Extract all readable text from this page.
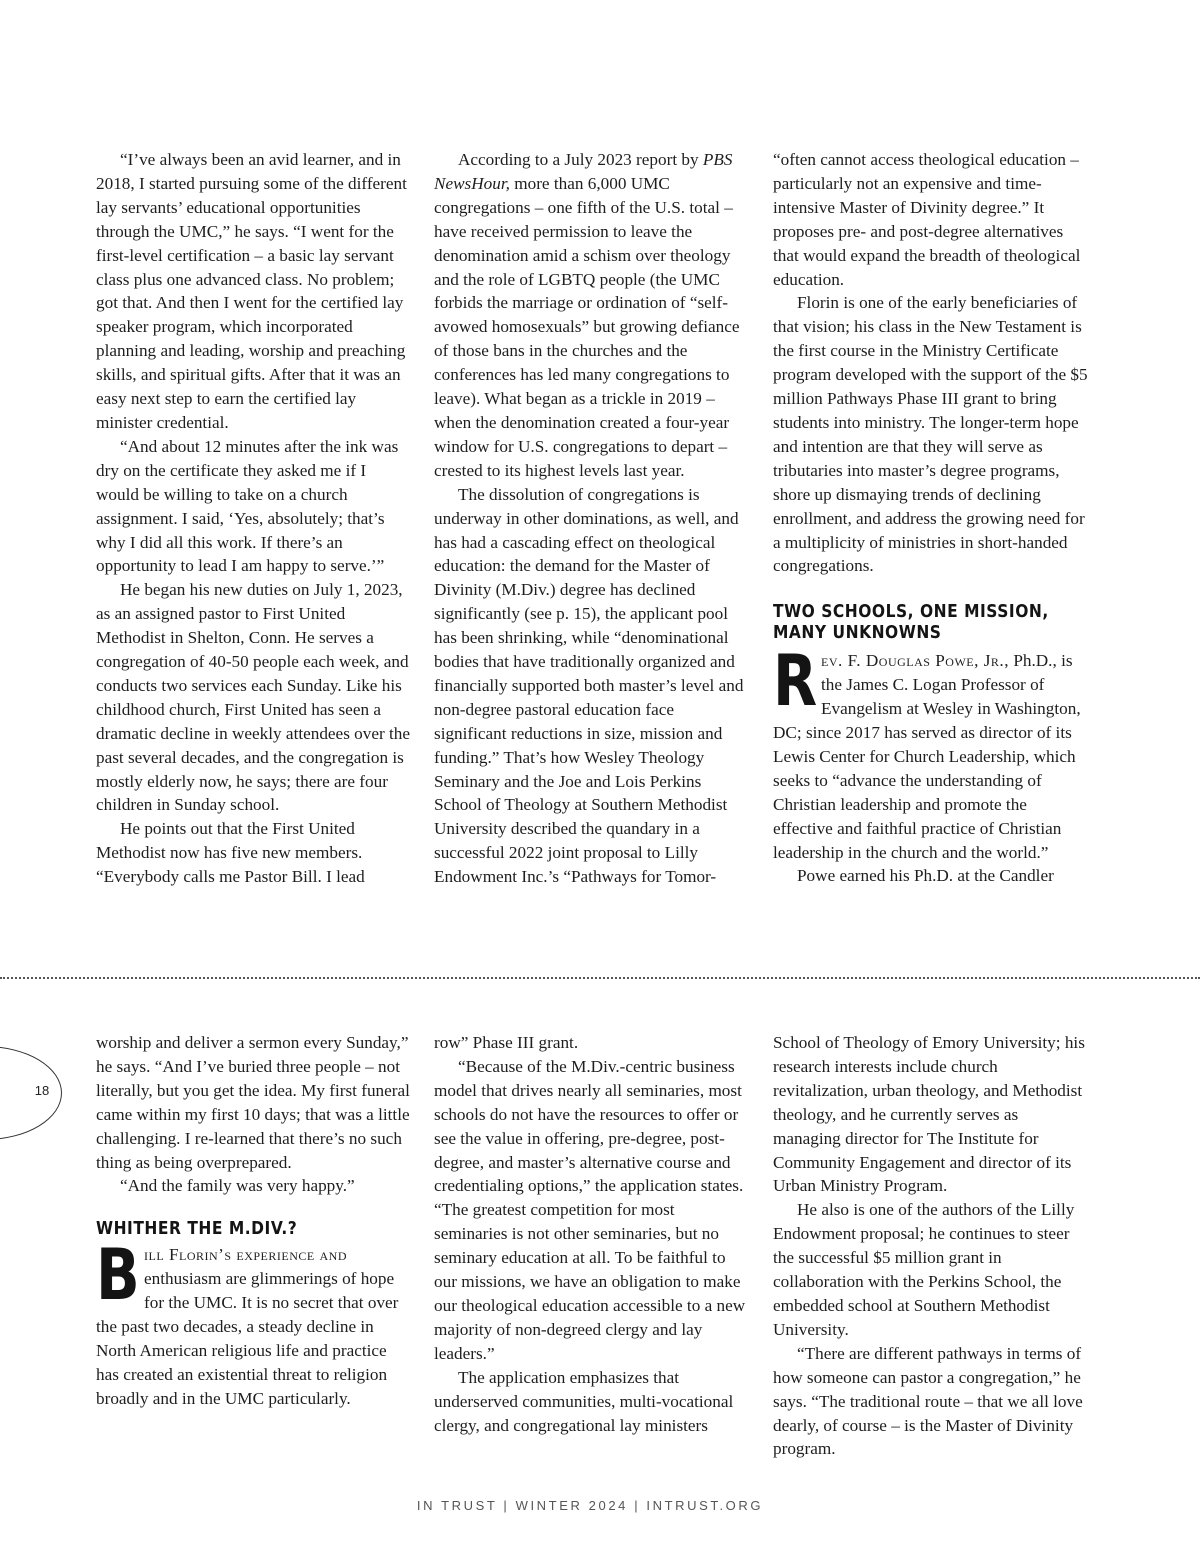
“I’ve always been an avid learner, and in 2018, I started pursuing some of the different lay servants’ educational opportunities through the UMC,” he says. “I went for the first-level certification – a basic lay servant class plus one advanced class. No problem; got that. And then I went for the certified lay speaker program, which incorporated planning and leading, worship and preaching skills, and spiritual gifts. After that it was an easy next step to earn the certified lay minister credential.

“And about 12 minutes after the ink was dry on the certificate they asked me if I would be willing to take on a church assignment. I said, ‘Yes, absolutely; that’s why I did all this work. If there’s an opportunity to lead I am happy to serve.’”

He began his new duties on July 1, 2023, as an assigned pastor to First United Methodist in Shelton, Conn. He serves a congregation of 40-50 people each week, and conducts two services each Sunday. Like his childhood church, First United has seen a dramatic decline in weekly attendees over the past several decades, and the congregation is mostly elderly now, he says; there are four children in Sunday school.

He points out that the First United Methodist now has five new members. “Everybody calls me Pastor Bill. I lead

According to a July 2023 report by PBS NewsHour, more than 6,000 UMC congregations – one fifth of the U.S. total – have received permission to leave the denomination amid a schism over theology and the role of LGBTQ people (the UMC forbids the marriage or ordination of “self-avowed homosexuals” but growing defiance of those bans in the churches and the conferences has led many congregations to leave). What began as a trickle in 2019 – when the denomination created a four-year window for U.S. congregations to depart – crested to its highest levels last year.

The dissolution of congregations is underway in other dominations, as well, and has had a cascading effect on theological education: the demand for the Master of Divinity (M.Div.) degree has declined significantly (see p. 15), the applicant pool has been shrinking, while “denominational bodies that have traditionally organized and financially supported both master’s level and non-degree pastoral education face significant reductions in size, mission and funding.” That’s how Wesley Theology Seminary and the Joe and Lois Perkins School of Theology at Southern Methodist University described the quandary in a successful 2022 joint proposal to Lilly Endowment Inc.’s “Pathways for Tomor-

“often cannot access theological education – particularly not an expensive and time-intensive Master of Divinity degree.” It proposes pre- and post-degree alternatives that would expand the breadth of theological education.

Florin is one of the early beneficiaries of that vision; his class in the New Testament is the first course in the Ministry Certificate program developed with the support of the $5 million Pathways Phase III grant to bring students into ministry. The longer-term hope and intention are that they will serve as tributaries into master’s degree programs, shore up dismaying trends of declining enrollment, and address the growing need for a multiplicity of ministries in short-handed congregations.

TWO SCHOOLS, ONE MISSION,
MANY UNKNOWNS

Rev. F. Douglas Powe, Jr., Ph.D., is the James C. Logan Professor of Evangelism at Wesley in Washington, DC; since 2017 has served as director of its Lewis Center for Church Leadership, which seeks to “advance the understanding of Christian leadership and promote the effective and faithful practice of Christian leadership in the church and the world.”

Powe earned his Ph.D. at the Candler

18

worship and deliver a sermon every Sunday,” he says. “And I’ve buried three people – not literally, but you get the idea. My first funeral came within my first 10 days; that was a little challenging. I re-learned that there’s no such thing as being overprepared.

“And the family was very happy.”

WHITHER THE M.DIV.?

Bill Florin’s experience and enthusiasm are glimmerings of hope for the UMC. It is no secret that over the past two decades, a steady decline in North American religious life and practice has created an existential threat to religion broadly and in the UMC particularly.

row” Phase III grant.

“Because of the M.Div.-centric business model that drives nearly all seminaries, most schools do not have the resources to offer or see the value in offering, pre-degree, post-degree, and master’s alternative course and credentialing options,” the application states. “The greatest competition for most seminaries is not other seminaries, but no seminary education at all. To be faithful to our missions, we have an obligation to make our theological education accessible to a new majority of non-degreed clergy and lay leaders.”

The application emphasizes that underserved communities, multi-vocational clergy, and congregational lay ministers

School of Theology of Emory University; his research interests include church revitalization, urban theology, and Methodist theology, and he currently serves as managing director for The Institute for Community Engagement and director of its Urban Ministry Program.

He also is one of the authors of the Lilly Endowment proposal; he continues to steer the successful $5 million grant in collaboration with the Perkins School, the embedded school at Southern Methodist University.

“There are different pathways in terms of how someone can pastor a congregation,” he says. “The traditional route – that we all love dearly, of course – is the Master of Divinity program.

IN TRUST | WINTER 2024 | INTRUST.ORG
